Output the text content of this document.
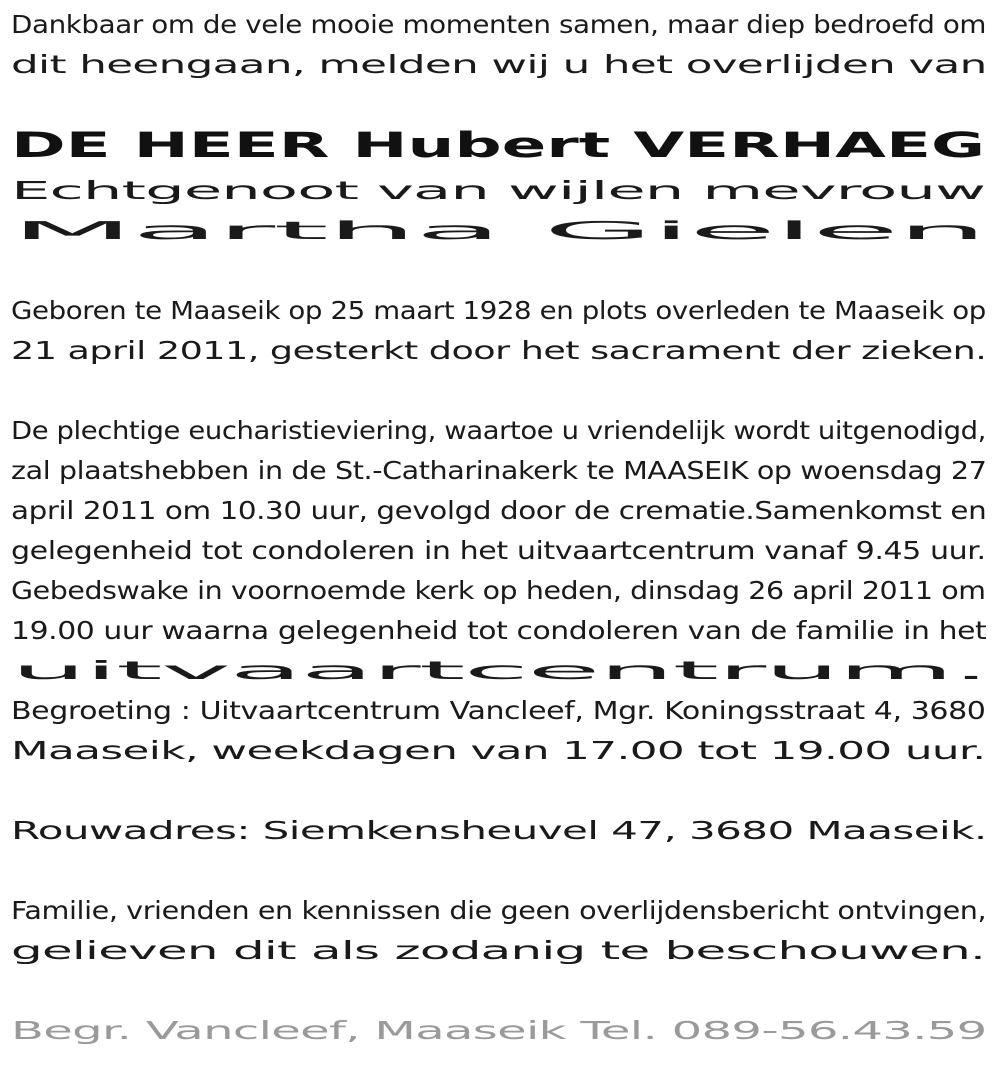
Dankbaar om de vele mooie momenten samen, maar diep bedroefd om
dit heengaan, melden wij u het overlijden van
DE HEER Hubert VERHAEG
Echtgenoot van wijlen mevrouw
Martha Gielen
Geboren te Maaseik op 25 maart 1928 en plots overleden te Maaseik op
21 april 2011, gesterkt door het sacrament der zieken.
De plechtige eucharistieviering, waartoe u vriendelijk wordt uitgenodigd,
zal plaatshebben in de St.-Catharinakerk te MAASEIK op woensdag 27
april 2011 om 10.30 uur, gevolgd door de crematie.Samenkomst en
gelegenheid tot condoleren in het uitvaartcentrum vanaf 9.45 uur.
Gebedswake in voornoemde kerk op heden, dinsdag 26 april 2011 om
19.00 uur waarna gelegenheid tot condoleren van de familie in het
uitvaartcentrum.
Begroeting : Uitvaartcentrum Vancleef, Mgr. Koningsstraat 4, 3680
Maaseik, weekdagen van 17.00 tot 19.00 uur.
Rouwadres: Siemkensheuvel 47, 3680 Maaseik.
Familie, vrienden en kennissen die geen overlijdensbericht ontvingen,
gelieven dit als zodanig te beschouwen.
Begr. Vancleef, Maaseik Tel. 089-56.43.59
